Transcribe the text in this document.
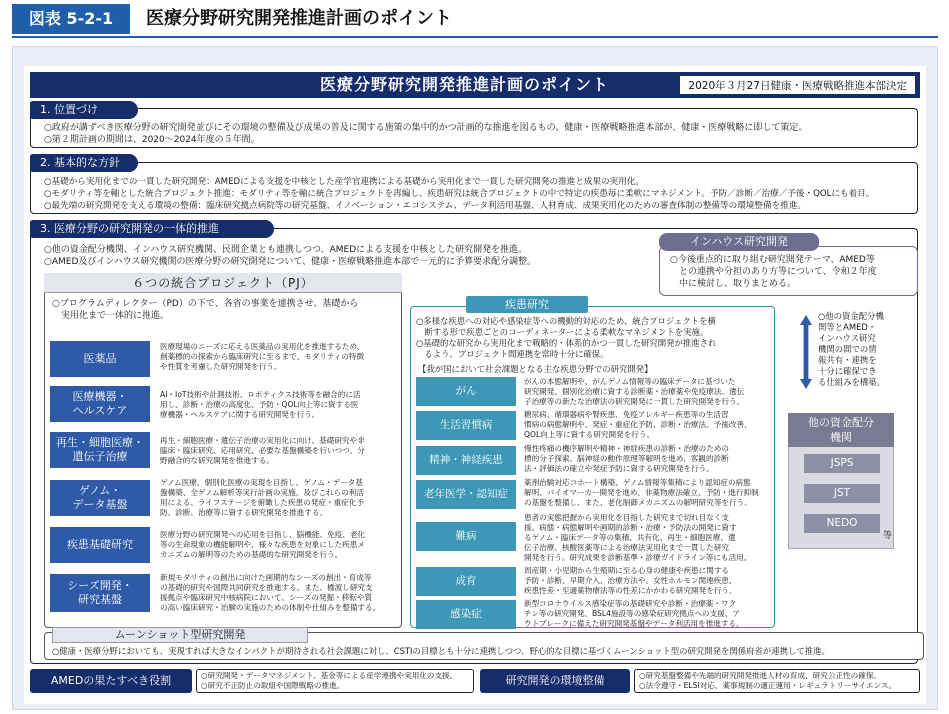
図表 5-2-1	医療分野研究開発推進計画のポイント
医療分野研究開発推進計画のポイント	2020年３月27日健康・医療戦略推進本部決定
1. 位置づけ
○政府が講ずべき医療分野の研究開発並びにその環境の整備及び成果の普及に関する施策の集中的かつ計画的な推進を図るもの。健康・医療戦略推進本部が、健康・医療戦略に即して策定。
○第２期計画の期間は、2020〜2024年度の５年間。
2. 基本的な方針
○基礎から実用化までの一貫した研究開発：AMEDによる支援を中核とした産学官連携による基礎から実用化まで一貫した研究開発の推進と成果の実用化。
○モダリティ等を軸とした統合プロジェクト推進：モダリティ等を軸に統合プロジェクトを再編し、疾患研究は統合プロジェクトの中で特定の疾患毎に柔軟にマネジメント。予防／診断／治療／予後・QOLにも着目。
○最先端の研究開発を支える環境の整備：臨床研究拠点病院等の研究基盤、イノベーション・エコシステム、データ利活用基盤、人材育成、成果実用化のための審査体制の整備等の環境整備を推進。
3. 医療分野の研究開発の一体的推進
○他の資金配分機関、インハウス研究機関、民間企業とも連携しつつ、AMEDによる支援を中核とした研究開発を推進。
○AMED及びインハウス研究機関の医療分野の研究開発について、健康・医療戦略推進本部で一元的に予算要求配分調整。
インハウス研究開発
○今後重点的に取り組む研究開発テーマ、AMED等
　との連携や分担のあり方等について、令和２年度
　中に検討し、取りまとめる。
６つの統合プロジェクト（PJ）
○プログラムディレクター（PD）の下で、各省の事業を連携させ、基礎から
　実用化まで一体的に推進。
医薬品
医療現場のニーズに応える医薬品の実用化を推進するため、
創薬標的の探索から臨床研究に至るまで、モダリティの特徴
や性質を考慮した研究開発を行う。
医療機器・
ヘルスケア
AI・IoT技術や計測技術、ロボティクス技術等を融合的に活
用し、診断・治療の高度化、予防・QOL向上等に資する医
療機器・ヘルスケアに関する研究開発を行う。
再生・細胞医療・
遺伝子治療
再生・細胞医療・遺伝子治療の実用化に向け、基礎研究や非
臨床・臨床研究、応用研究、必要な基盤構築を行いつつ、分
野融合的な研究開発を推進する。
ゲノム・
データ基盤
ゲノム医療、個別化医療の実現を目指し、ゲノム・データ基
盤構築、全ゲノム解析等実行計画の実施、及びこれらの利活
用による、ライフステージを俯瞰した疾患の発症・重症化予
防、診断、治療等に資する研究開発を推進する。
疾患基礎研究
医療分野の研究開発への応用を目指し、脳機能、免疫、老化
等の生命現象の機能解明や、様々な疾患を対象にした疾患メ
カニズムの解明等のための基礎的な研究開発を行う。
シーズ開発・
研究基盤
新規モダリティの創出に向けた画期的なシーズの創出・育成等
の基礎的研究や国際共同研究を推進する。また、橋渡し研究支
援拠点や臨床研究中核病院において、シーズの発掘・移転や質
の高い臨床研究・治験の実施のための体制や仕組みを整備する。
疾患研究
○多様な疾患への対応や感染症等への機動的対応のため、統合プロジェクトを横
　断する形で疾患ごとのコーディネーターによる柔軟なマネジメントを実施。
○基礎的な研究から実用化まで戦略的・体系的かつ一貫した研究開発が推進され
　るよう、プロジェクト間連携を常時十分に確保。
【我が国において社会課題となる主な疾患分野での研究開発】
がん
がんの本態解明や、がんゲノム情報等の臨床データに基づいた
研究開発、個別化治療に資する診断薬・治療薬や免疫療法、遺伝
子治療等の新たな治療法の研究開発に一貫した研究開発を行う。
生活習慣病
糖尿病、循環器病や腎疾患、免疫アレルギー疾患等の生活習
慣病の病態解明や、発症・重症化予防、診断・治療法、予後改善、
QOL向上等に資する研究開発を行う。
精神・神経疾患
慢性疼痛の機序解明や精神・神経疾患の診断・治療のための
標的分子探索、脳神経の動作原理等解明を進め、客観的診断
法・評価法の確立や発症予防に資する研究開発を行う。
老年医学・認知症
薬剤治験対応コホート構築、ゲノム情報等集積により認知症の病態
解明、バイオマーカー開発を進め、非薬物療法確立、予防・進行抑制
の基盤を整備し、また、老化制御メカニズムの解明研究等を行う。
難病
患者の実態把握から実用化を目指した研究まで切れ目なく支
援。病態・病態解明や画期的診断・治療・予防法の開発に資す
るゲノム・臨床データ等の集積、共有化、再生・細胞医療、遺
伝子治療、核酸医薬等による治療法実用化まで一貫した研究
開発を行う。研究成果を診断基準・診療ガイドライン等にも活用。
成育
周産期・小児期から生殖期に至る心身の健康や疾患に関する
予防・診断、早期介入、治療方法や、女性ホルモン関連疾患、
疾患性差・至適薬物療法等の性差にかかわる研究開発を行う。
感染症
新型コロナウイルス感染症等の基礎研究や診断・治療薬・ワク
チン等の研究開発、BSL4施設等の感染症研究拠点への支援、ア
ウトブレークに備えた研究開発基盤やデータ利活用を推進する。
○他の資金配分機
関等とAMED・
インハウス研究
機関の間での情
報共有・連携を
十分に確保でき
る仕組みを構築。
他の資金配分
機関
JSPS
JST
NEDO
等
ムーンショット型研究開発
○健康・医療分野においても、実現すれば大きなインパクトが期待される社会課題に対し、CSTIの目標とも十分に連携しつつ、野心的な目標に基づくムーンショット型の研究開発を関係府省が連携して推進。
AMEDの果たすべき役割	○研究開発・データマネジメント、基金等による産学連携や実用化の支援。
○研究不正防止の取組や国際戦略の推進。	研究開発の環境整備	○研究基盤整備や先端的研究開発推進人材の育成、研究公正性の確保。
○法令遵守・ELSI対応、薬事規制の適正運用・レギュラトリーサイエンス。
